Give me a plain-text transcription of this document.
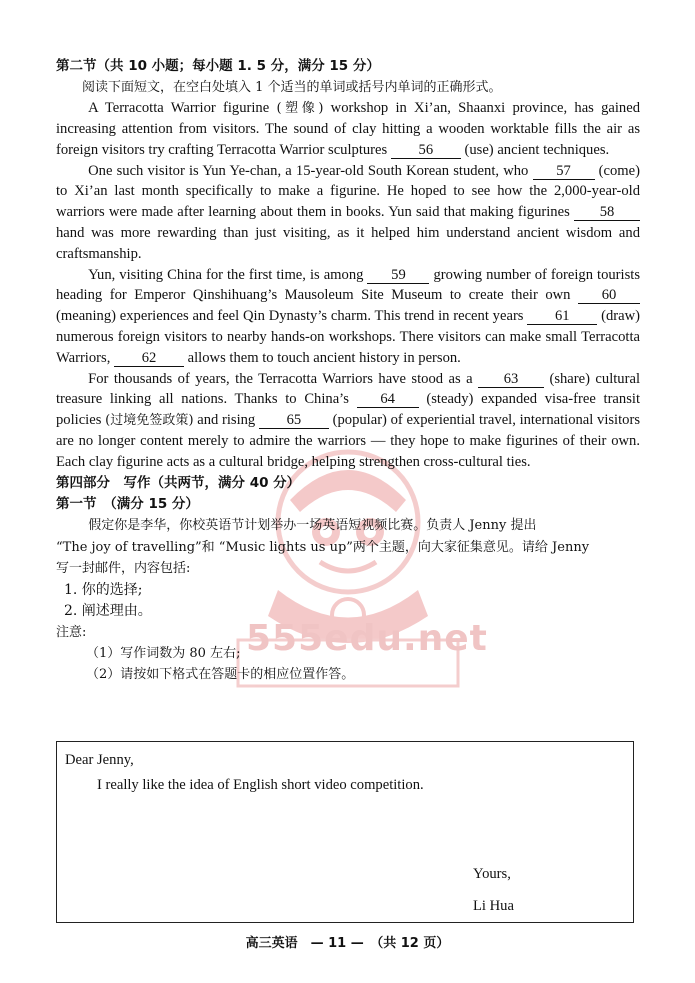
555edu.net
第二节（共 10 小题；每小题 1. 5 分，满分 15 分）
阅读下面短文，在空白处填入 1 个适当的单词或括号内单词的正确形式。
A Terracotta Warrior figurine (塑像) workshop in Xi’an, Shaanxi province, has gained increasing attention from visitors. The sound of clay hitting a wooden worktable fills the air as foreign visitors try crafting Terracotta Warrior sculptures 56 (use) ancient techniques.
One such visitor is Yun Ye-chan, a 15-year-old South Korean student, who 57 (come) to Xi’an last month specifically to make a figurine. He hoped to see how the 2,000-year-old warriors were made after learning about them in books. Yun said that making figurines 58 hand was more rewarding than just visiting, as it helped him understand ancient wisdom and craftsmanship.
Yun, visiting China for the first time, is among 59 growing number of foreign tourists heading for Emperor Qinshihuang’s Mausoleum Site Museum to create their own 60 (meaning) experiences and feel Qin Dynasty’s charm. This trend in recent years 61 (draw) numerous foreign visitors to nearby hands-on workshops. There visitors can make small Terracotta Warriors, 62 allows them to touch ancient history in person.
For thousands of years, the Terracotta Warriors have stood as a 63 (share) cultural treasure linking all nations. Thanks to China’s 64 (steady) expanded visa-free transit policies (过境免签政策) and rising 65 (popular) of experiential travel, international visitors are no longer content merely to admire the warriors — they hope to make figurines of their own. Each clay figurine acts as a cultural bridge, helping strengthen cross-cultural ties.
第四部分　写作（共两节，满分 40 分）
第一节　（满分 15 分）
假定你是李华，你校英语节计划举办一场英语短视频比赛。负责人 Jenny 提出
“The joy of travelling”和 “Music lights us up”两个主题，向大家征集意见。请给 Jenny
写一封邮件，内容包括:
1. 你的选择;
2. 阐述理由。
注意:
（1）写作词数为 80 左右;
（2）请按如下格式在答题卡的相应位置作答。
Dear Jenny,
I really like the idea of English short video competition.
Yours,
Li Hua
高三英语　— 11 —　（共 12 页）
